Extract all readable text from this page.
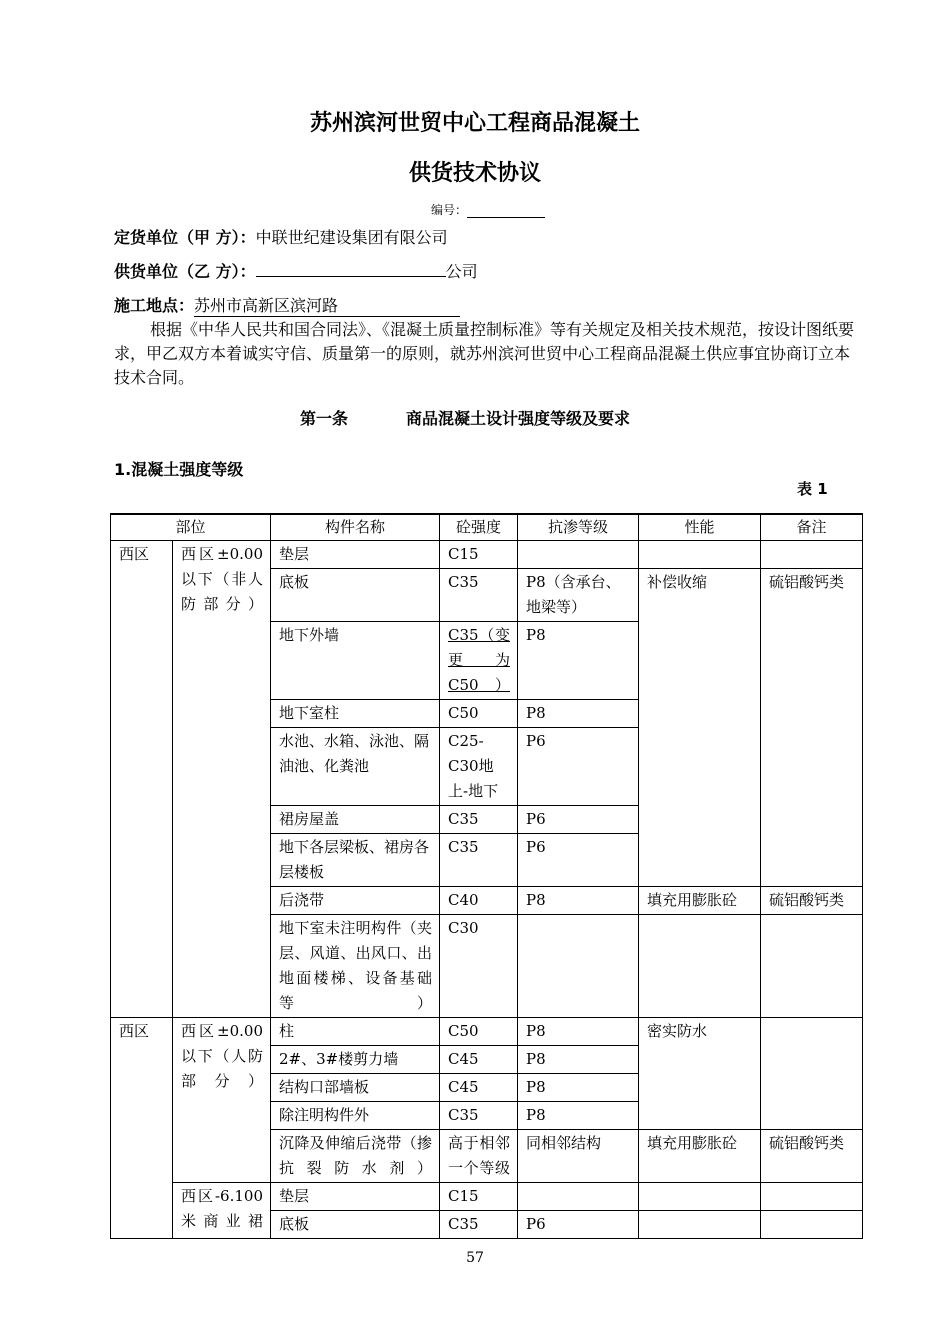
苏州滨河世贸中心工程商品混凝土
供货技术协议
编号：
定货单位（甲 方）：中联世纪建设集团有限公司
供货单位（乙 方）：	公司
施工地点：苏州市高新区滨河路
根据《中华人民共和国合同法》、《混凝土质量控制标准》等有关规定及相关技术规范，按设计图纸要求，甲乙双方本着诚实守信、质量第一的原则，就苏州滨河世贸中心工程商品混凝土供应事宜协商订立本技术合同。
第一条	商品混凝土设计强度等级及要求
1.混凝土强度等级
表 1
部位		构件名称	砼强度	抗渗等级	性能	备注
西区	西区±0.00以下（非人防部分）	垫层	C15			
		底板	C35	P8（含承台、地梁等）	补偿收缩	硫铝酸钙类
		地下外墙	C35（变更为C50）	P8		
		地下室柱	C50	P8		
		水池、水箱、泳池、隔油池、化粪池	C25-C30地上-地下	P6		
		裙房屋盖	C35	P6		
		地下各层梁板、裙房各层楼板	C35	P6		
		后浇带	C40	P8	填充用膨胀砼	硫铝酸钙类
		地下室未注明构件（夹层、风道、出风口、出地面楼梯、设备基础等）	C30			
西区	西区±0.00以下（人防部分）	柱	C50	P8	密实防水	
		2#、3#楼剪力墙	C45	P8		
		结构口部墙板	C45	P8		
		除注明构件外	C35	P8		
		沉降及伸缩后浇带（掺抗裂防水剂）	高于相邻一个等级	同相邻结构	填充用膨胀砼	硫铝酸钙类
	西区-6.100米商业裙	垫层	C15			
		底板	C35	P6		
57
